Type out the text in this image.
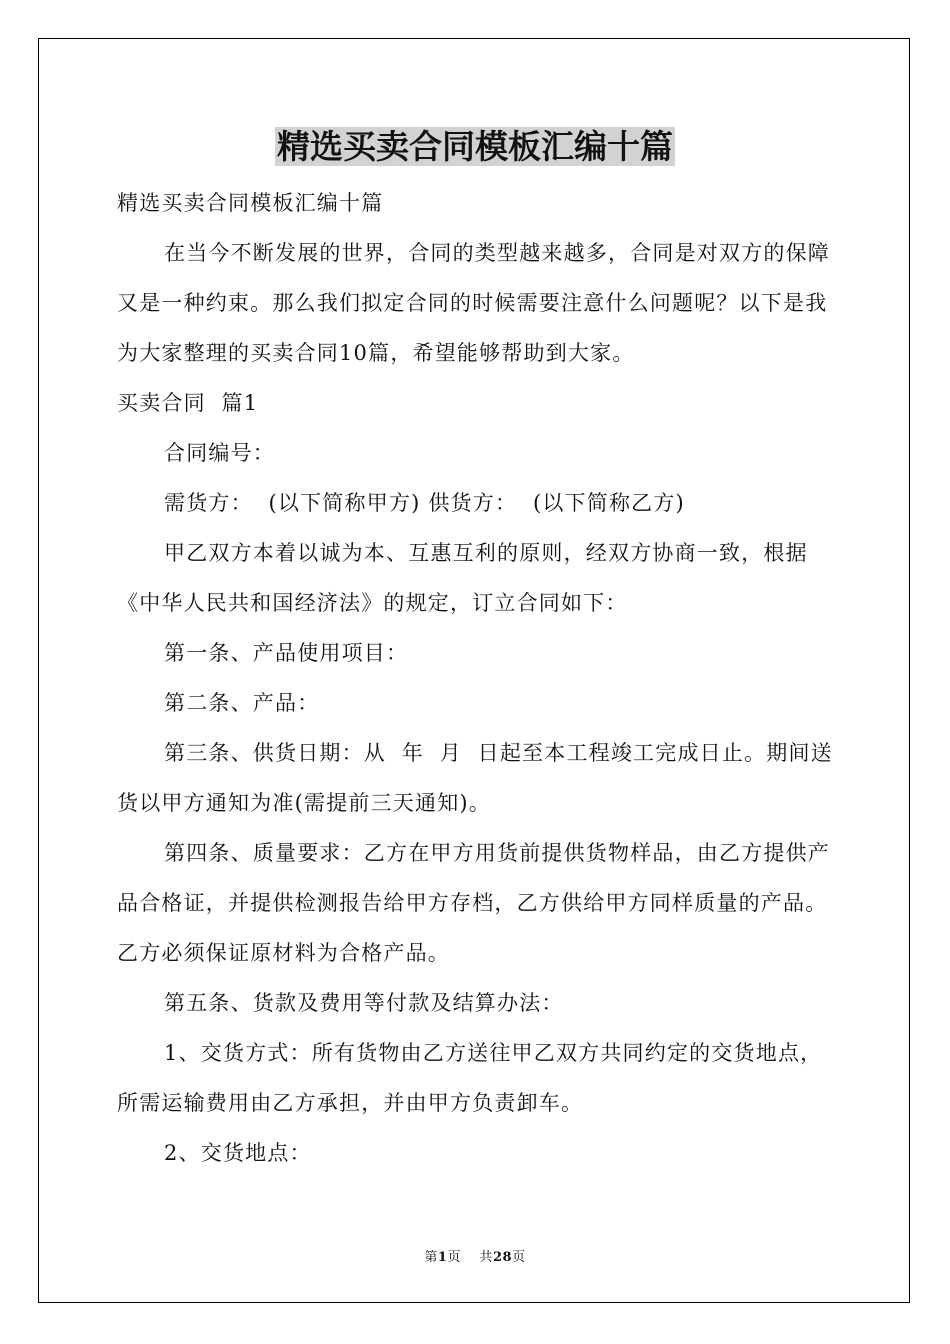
精选买卖合同模板汇编十篇

精选买卖合同模板汇编十篇

在当今不断发展的世界，合同的类型越来越多，合同是对双方的保障又是一种约束。那么我们拟定合同的时候需要注意什么问题呢？以下是我为大家整理的买卖合同10篇，希望能够帮助到大家。

买卖合同  篇1

合同编号：

需货方：  (以下简称甲方) 供货方：  (以下简称乙方)

甲乙双方本着以诚为本、互惠互利的原则，经双方协商一致，根据《中华人民共和国经济法》的规定，订立合同如下：

第一条、产品使用项目：

第二条、产品：

第三条、供货日期：从  年  月  日起至本工程竣工完成日止。期间送货以甲方通知为准(需提前三天通知)。

第四条、质量要求：乙方在甲方用货前提供货物样品，由乙方提供产品合格证，并提供检测报告给甲方存档，乙方供给甲方同样质量的产品。乙方必须保证原材料为合格产品。

第五条、货款及费用等付款及结算办法：

1、交货方式：所有货物由乙方送往甲乙双方共同约定的交货地点，所需运输费用由乙方承担，并由甲方负责卸车。

2、交货地点：

第1页    共28页
